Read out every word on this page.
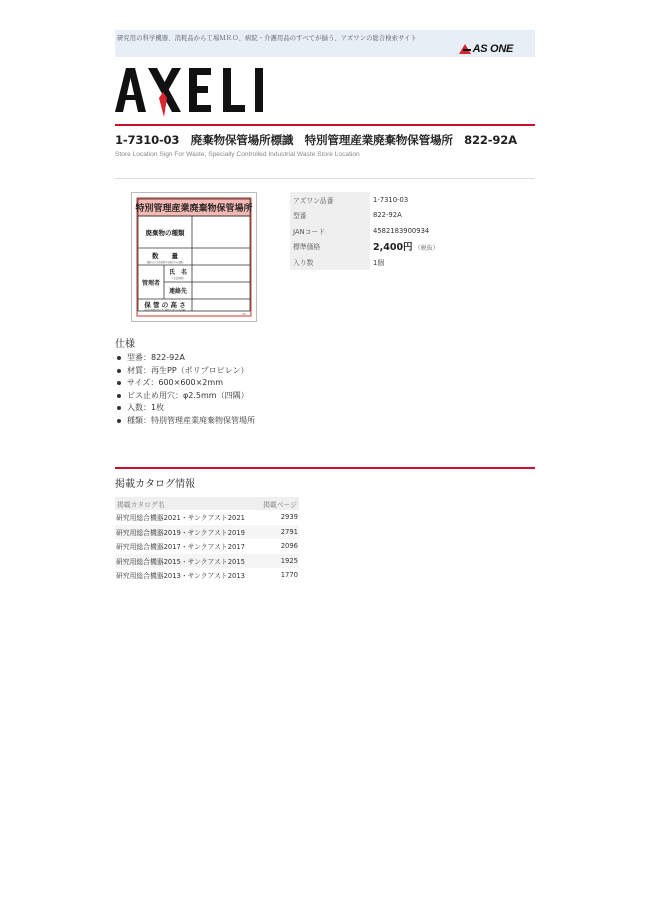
研究用の科学機器、消耗品から工場ＭＲＯ、病院・介護用品のすべてが揃う、アズワンの総合検索サイト
AS ONE
1-7310-03　廃棄物保管場所標識　特別管理産業廃棄物保管場所　822-92A
Store Location Sign For Waste, Specially Controlled Industrial Waste Store Location
特別管理産業廃棄物保管場所
廃棄物の種類
数　　量
（積替えのため保管する場合のみ記載）
管理者
氏　名
（又は名称）
連絡先
保 管 の 高 さ
（屋外で容器を用いずに保管する場合のみ記載）
22
アズワン品番	1-7310-03
型番	822-92A
JANコード	4582183900934
標準価格	2,400円 （税抜）
入り数	1個
仕様
型番：822-92A
材質：再生PP（ポリプロピレン）
サイズ：600×600×2mm
ビス止め用穴：φ2.5mm（四隅）
入数：1枚
種類：特別管理産業廃棄物保管場所
掲載カタログ情報
掲載カタログ名	掲載ページ
研究用総合機器2021・サンクアスト2021	2939
研究用総合機器2019・サンクアスト2019	2791
研究用総合機器2017・サンクアスト2017	2096
研究用総合機器2015・サンクアスト2015	1925
研究用総合機器2013・サンクアスト2013	1770
